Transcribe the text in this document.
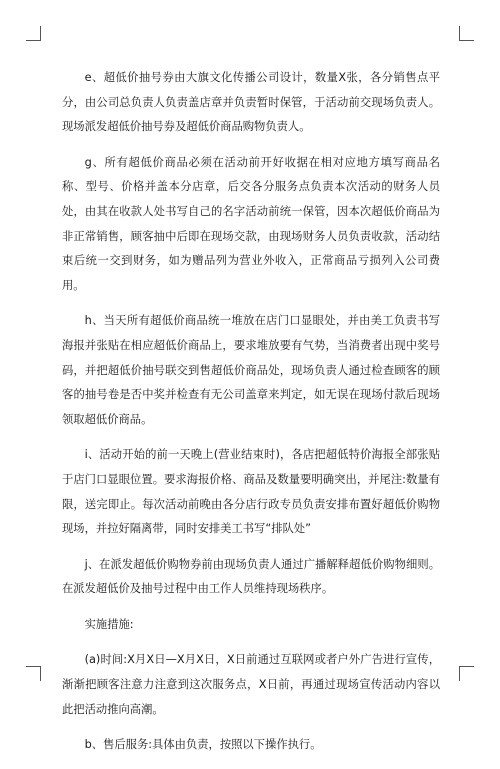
e、超低价抽号券由大旗文化传播公司设计，数量X张，各分销售点平分，由公司总负责人负责盖店章并负责暂时保管，于活动前交现场负责人。现场派发超低价抽号券及超低价商品购物负责人。

g、所有超低价商品必须在活动前开好收据在相对应地方填写商品名称、型号、价格并盖本分店章，后交各分服务点负责本次活动的财务人员处，由其在收款人处书写自己的名字活动前统一保管，因本次超低价商品为非正常销售，顾客抽中后即在现场交款，由现场财务人员负责收款，活动结束后统一交到财务，如为赠品列为营业外收入，正常商品亏损列入公司费用。

h、当天所有超低价商品统一堆放在店门口显眼处，并由美工负责书写海报并张贴在相应超低价商品上，要求堆放要有气势，当消费者出现中奖号码，并把超低价抽号联交到售超低价商品处，现场负责人通过检查顾客的顾客的抽号卷是否中奖并检查有无公司盖章来判定，如无误在现场付款后现场领取超低价商品。

i、活动开始的前一天晚上(营业结束时)，各店把超低特价海报全部张贴于店门口显眼位置。要求海报价格、商品及数量要明确突出，并尾注:数量有限，送完即止。每次活动前晚由各分店行政专员负责安排布置好超低价购物现场，并拉好隔离带，同时安排美工书写“排队处”

j、在派发超低价购物券前由现场负责人通过广播解释超低价购物细则。在派发超低价及抽号过程中由工作人员维持现场秩序。

实施措施:

(a)时间:X月X日—X月X日，X日前通过互联网或者户外广告进行宣传，渐渐把顾客注意力注意到这次服务点，X日前，再通过现场宣传活动内容以此把活动推向高潮。

b、售后服务:具体由负责，按照以下操作执行。
